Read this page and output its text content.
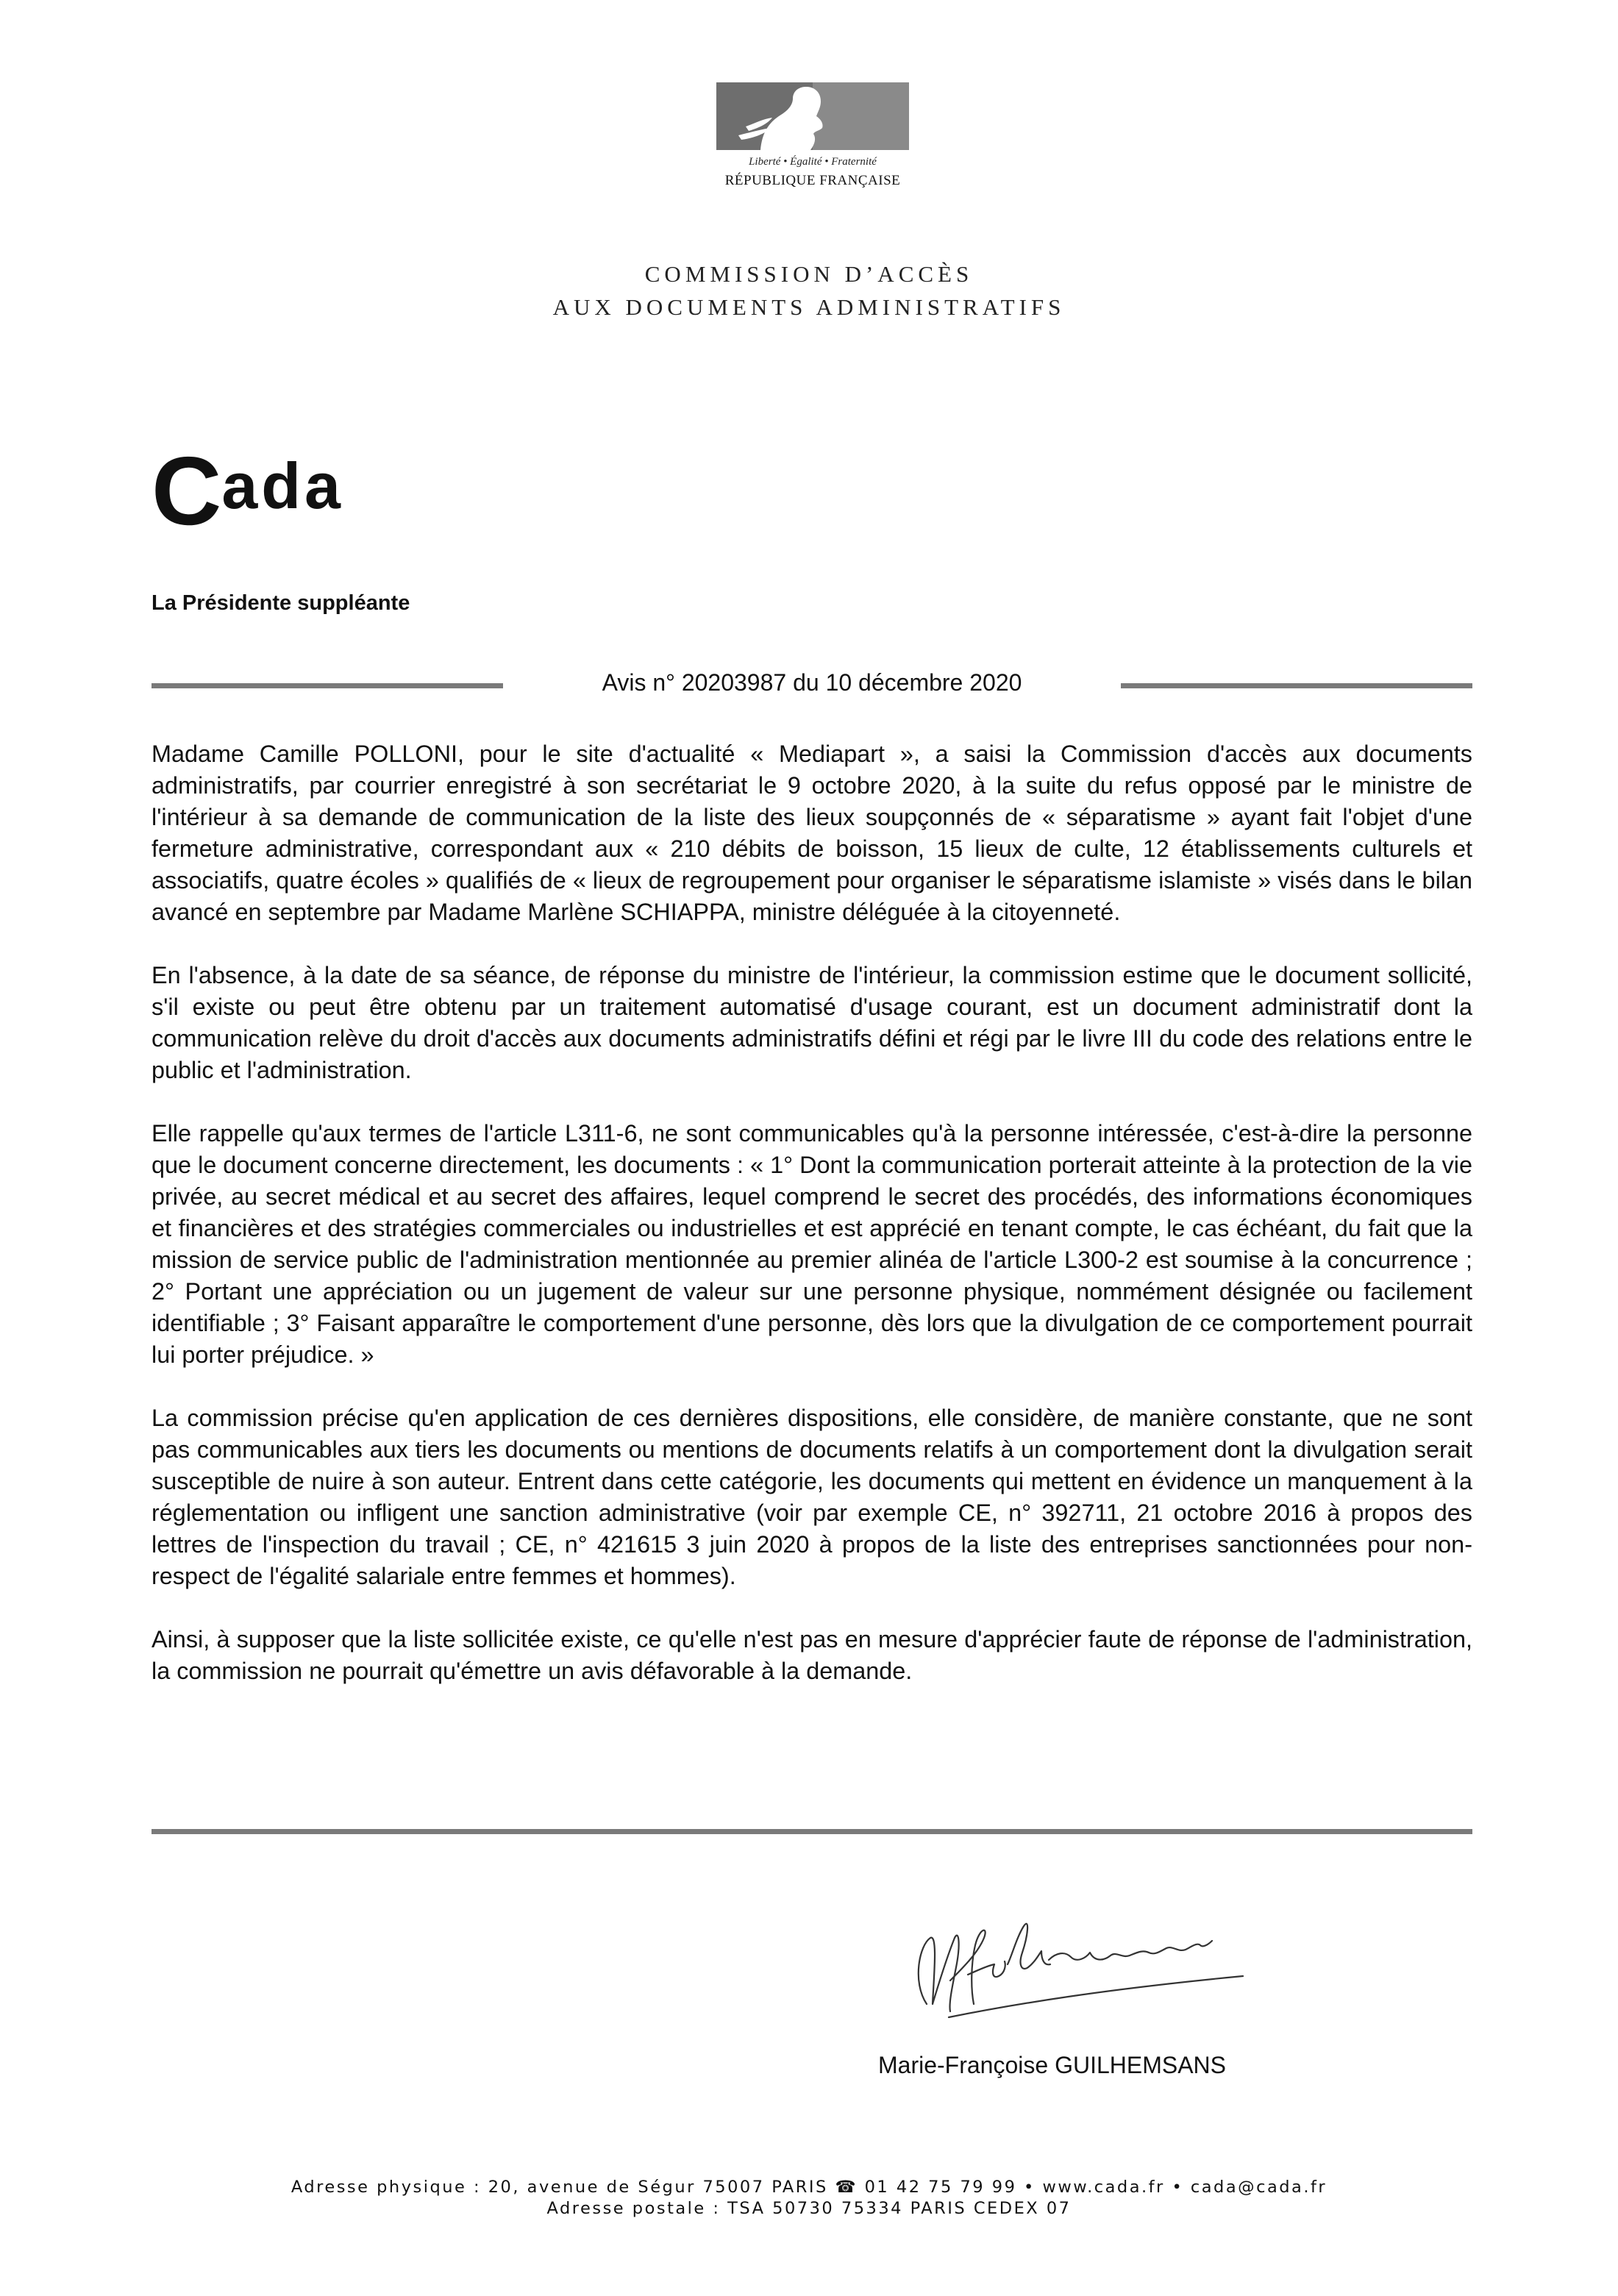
Liberté • Égalité • Fraternité
RÉPUBLIQUE FRANÇAISE
COMMISSION D’ACCÈS
AUX DOCUMENTS ADMINISTRATIFS
Cada
La Présidente suppléante
Avis n° 20203987 du 10 décembre 2020

Madame Camille POLLONI, pour le site d'actualité « Mediapart », a saisi la Commission d'accès aux documents administratifs, par courrier enregistré à son secrétariat le 9 octobre 2020, à la suite du refus opposé par le ministre de l'intérieur à sa demande de communication de la liste des lieux soupçonnés de « séparatisme » ayant fait l'objet d'une fermeture administrative, correspondant aux « 210 débits de boisson, 15 lieux de culte, 12 établissements culturels et associatifs, quatre écoles » qualifiés de « lieux de regroupement pour organiser le séparatisme islamiste » visés dans le bilan avancé en septembre par Madame Marlène SCHIAPPA, ministre déléguée à la citoyenneté.

En l'absence, à la date de sa séance, de réponse du ministre de l'intérieur, la commission estime que le document sollicité, s'il existe ou peut être obtenu par un traitement automatisé d'usage courant, est un document administratif dont la communication relève du droit d'accès aux documents administratifs défini et régi par le livre III du code des relations entre le public et l'administration.

Elle rappelle qu'aux termes de l'article L311-6, ne sont communicables qu'à la personne intéressée, c'est-à-dire la personne que le document concerne directement, les documents : « 1° Dont la communication porterait atteinte à la protection de la vie privée, au secret médical et au secret des affaires, lequel comprend le secret des procédés, des informations économiques et financières et des stratégies commerciales ou industrielles et est apprécié en tenant compte, le cas échéant, du fait que la mission de service public de l'administration mentionnée au premier alinéa de l'article L300-2 est soumise à la concurrence ; 2° Portant une appréciation ou un jugement de valeur sur une personne physique, nommément désignée ou facilement identifiable ; 3° Faisant apparaître le comportement d'une personne, dès lors que la divulgation de ce comportement pourrait lui porter préjudice. »

La commission précise qu'en application de ces dernières dispositions, elle considère, de manière constante, que ne sont pas communicables aux tiers les documents ou mentions de documents relatifs à un comportement dont la divulgation serait susceptible de nuire à son auteur. Entrent dans cette catégorie, les documents qui mettent en évidence un manquement à la réglementation ou infligent une sanction administrative (voir par exemple CE, n° 392711, 21 octobre 2016 à propos des lettres de l'inspection du travail ; CE, n° 421615 3 juin 2020 à propos de la liste des entreprises sanctionnées pour non-respect de l'égalité salariale entre femmes et hommes).

Ainsi, à supposer que la liste sollicitée existe, ce qu'elle n'est pas en mesure d'apprécier faute de réponse de l'administration, la commission ne pourrait qu'émettre un avis défavorable à la demande.

Marie-Françoise GUILHEMSANS
Adresse physique : 20, avenue de Ségur 75007 PARIS ☎ 01 42 75 79 99 • www.cada.fr • cada@cada.fr
Adresse postale : TSA 50730 75334 PARIS CEDEX 07
